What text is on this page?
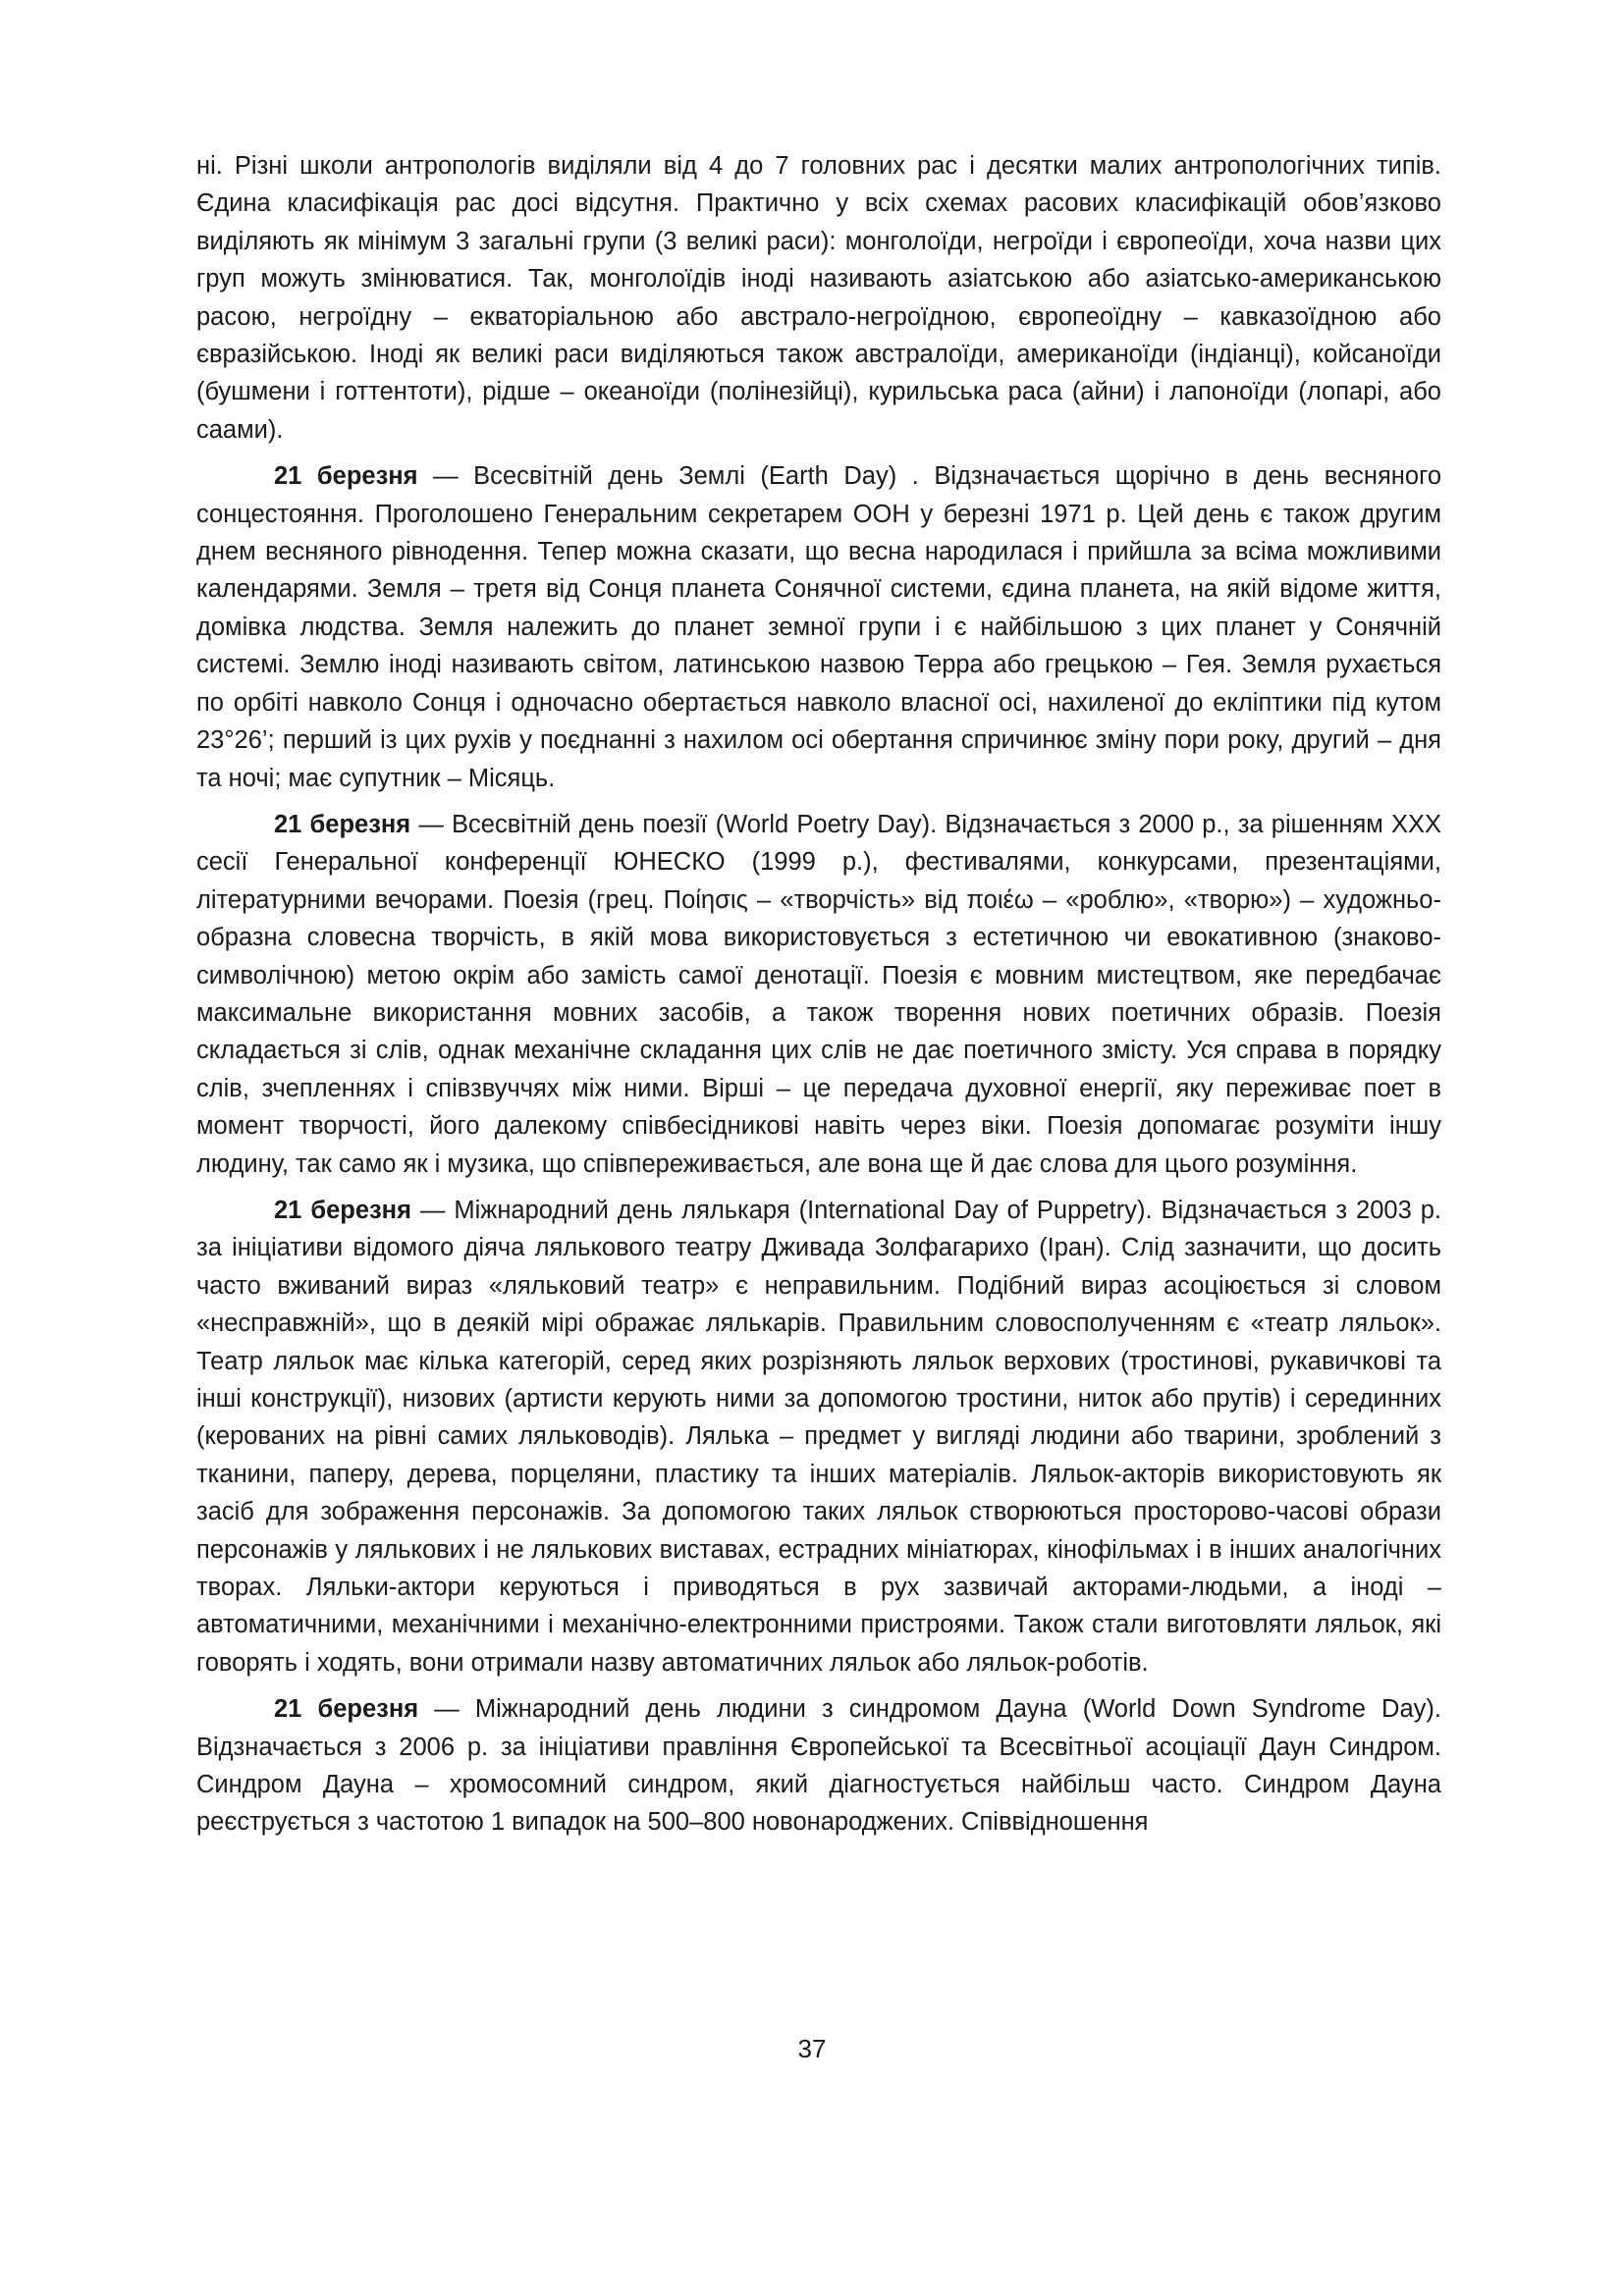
ні. Різні школи антропологів виділяли від 4 до 7 головних рас і десятки малих антропологічних типів. Єдина класифікація рас досі відсутня. Практично у всіх схемах расових класифікацій обов’язково виділяють як мінімум 3 загальні групи (3 великі раси): монголоїди, негроїди і європеоїди, хоча назви цих груп можуть змінюватися. Так, монголоїдів іноді називають азіатською або азіатсько-американською расою, негроїдну – екваторіальною або австрало-негроїдною, європеоїдну – кавказоїдною або євразійською. Іноді як великі раси виділяються також австралоїди, американоїди (індіанці), койсаноїди (бушмени і готтентоти), рідше – океаноїди (полінезійці), курильська раса (айни) і лапоноїди (лопарі, або саами).

21 березня — Всесвітній день Землі (Earth Day) . Відзначається щорічно в день весняного сонцестояння. Проголошено Генеральним секретарем ООН у березні 1971 р. Цей день є також другим днем весняного рівнодення. Тепер можна сказати, що весна народилася і прийшла за всіма можливими календарями. Земля – третя від Сонця планета Сонячної системи, єдина планета, на якій відоме життя, домівка людства. Земля належить до планет земної групи і є найбільшою з цих планет у Сонячній системі. Землю іноді називають світом, латинською назвою Терра або грецькою – Гея. Земля рухається по орбіті навколо Сонця і одночасно обертається навколо власної осі, нахиленої до екліптики під кутом 23°26’; перший із цих рухів у поєднанні з нахилом осі обертання спричинює зміну пори року, другий – дня та ночі; має супутник – Місяць.

21 березня — Всесвітній день поезії (World Poetry Day). Відзначається з 2000 р., за рішенням XXX сесії Генеральної конференції ЮНЕСКО (1999 р.), фестивалями, конкурсами, презентаціями, літературними вечорами. Поезія (грец. Ποίησις – «творчість» від ποιέω – «роблю», «творю») – художньо-образна словесна творчість, в якій мова використовується з естетичною чи евокативною (знаково-символічною) метою окрім або замість самої денотації. Поезія є мовним мистецтвом, яке передбачає максимальне використання мовних засобів, а також творення нових поетичних образів. Поезія складається зі слів, однак механічне складання цих слів не дає поетичного змісту. Уся справа в порядку слів, зчепленнях і співзвуччях між ними. Вірші – це передача духовної енергії, яку переживає поет в момент творчості, його далекому співбесідникові навіть через віки. Поезія допомагає розуміти іншу людину, так само як і музика, що співпереживається, але вона ще й дає слова для цього розуміння.

21 березня — Міжнародний день лялькаря (International Day of Puppetry). Відзначається з 2003 р. за ініціативи відомого діяча лялькового театру Дживада Золфагарихо (Іран). Слід зазначити, що досить часто вживаний вираз «ляльковий театр» є неправильним. Подібний вираз асоціюється зі словом «несправжній», що в деякій мірі ображає лялькарів. Правильним словосполученням є «театр ляльок». Театр ляльок має кілька категорій, серед яких розрізняють ляльок верхових (тростинові, рукавичкові та інші конструкції), низових (артисти керують ними за допомогою тростини, ниток або прутів) і серединних (керованих на рівні самих ляльководів). Лялька – предмет у вигляді людини або тварини, зроблений з тканини, паперу, дерева, порцеляни, пластику та інших матеріалів. Ляльок-акторів використовують як засіб для зображення персонажів. За допомогою таких ляльок створюються просторово-часові образи персонажів у лялькових і не лялькових виставах, естрадних мініатюрах, кінофільмах і в інших аналогічних творах. Ляльки-актори керуються і приводяться в рух зазвичай акторами-людьми, а іноді – автоматичними, механічними і механічно-електронними пристроями. Також стали виготовляти ляльок, які говорять і ходять, вони отримали назву автоматичних ляльок або ляльок-роботів.

21 березня — Міжнародний день людини з синдромом Дауна (World Down Syndrome Day). Відзначається з 2006 р. за ініціативи правління Європейської та Всесвітньої асоціації Даун Синдром. Синдром Дауна – хромосомний синдром, який діагностується найбільш часто. Синдром Дауна реєструється з частотою 1 випадок на 500–800 новонароджених. Співвідношення

37
